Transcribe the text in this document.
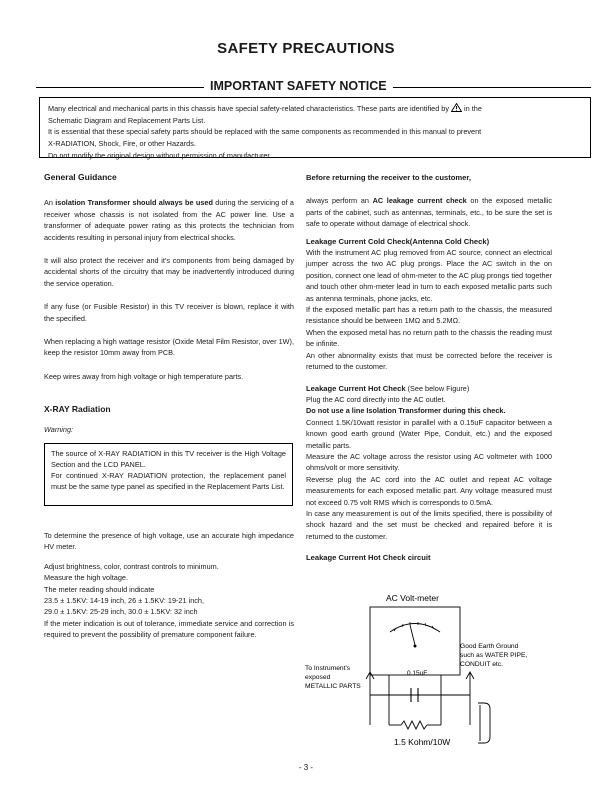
SAFETY PRECAUTIONS
IMPORTANT SAFETY NOTICE

Many electrical and mechanical parts in this chassis have special safety-related characteristics. These parts are identified by in the

Schematic Diagram and Replacement Parts List.

It is essential that these special safety parts should be replaced with the same components as recommended in this manual to prevent

X-RADIATION, Shock, Fire, or other Hazards.

Do not modify the original design without permission of manufacturer.

General Guidance

An isolation Transformer should always be used during the servicing of a receiver whose chassis is not isolated from the AC power line. Use a transformer of adequate power rating as this protects the technician from accidents resulting in personal injury from electrical shocks.

It will also protect the receiver and it's components from being damaged by accidental shorts of the circuitry that may be inadvertently introduced during the service operation.

If any fuse (or Fusible Resistor) in this TV receiver is blown, replace it with the specified.

When replacing a high wattage resistor (Oxide Metal Film Resistor, over 1W), keep the resistor 10mm away from PCB.

Keep wires away from high voltage or high temperature parts.

X-RAY Radiation
Warning:

The source of X-RAY RADIATION in this TV receiver is the High Voltage Section and the LCD PANEL.

For continued X-RAY RADIATION protection, the replacement panel must be the same type panel as specified in the Replacement Parts List.

To determine the presence of high voltage, use an accurate high impedance HV meter.

Adjust brightness, color, contrast controls to minimum.

Measure the high voltage.

The meter reading should indicate

23.5 ± 1.5KV: 14-19 inch, 26 ± 1.5KV: 19-21 inch,

29.0 ± 1.5KV: 25-29 inch, 30.0 ± 1.5KV: 32 inch

If the meter indication is out of tolerance, immediate service and correction is required to prevent the possibility of premature component failure.

Before returning the receiver to the customer,

always perform an AC leakage current check on the exposed metallic parts of the cabinet, such as antennas, terminals, etc., to be sure the set is safe to operate without damage of electrical shock.

Leakage Current Cold Check(Antenna Cold Check)

With the instrument AC plug removed from AC source, connect an electrical jumper across the two AC plug prongs. Place the AC switch in the on position, connect one lead of ohm-meter to the AC plug prongs tied together and touch other ohm-meter lead in turn to each exposed metallic parts such as antenna terminals, phone jacks, etc.

If the exposed metallic part has a return path to the chassis, the measured resistance should be between 1MΩ and 5.2MΩ.

When the exposed metal has no return path to the chassis the reading must be infinite.

An other abnormality exists that must be corrected before the receiver is returned to the customer.

Leakage Current Hot Check (See below Figure)

Plug the AC cord directly into the AC outlet.

Do not use a line Isolation Transformer during this check.

Connect 1.5K/10watt resistor in parallel with a 0.15uF capacitor between a known good earth ground (Water Pipe, Conduit, etc.) and the exposed metallic parts.

Measure the AC voltage across the resistor using AC voltmeter with 1000 ohms/volt or more sensitivity.

Reverse plug the AC cord into the AC outlet and repeat AC voltage measurements for each exposed metallic part. Any voltage measured must not exceed 0.75 volt RMS which is corresponds to 0.5mA.

In case any measurement is out of the limits specified, there is possibility of shock hazard and the set must be checked and repaired before it is returned to the customer.

Leakage Current Hot Check circuit
AC Volt-meter
0.15uF
1.5 Kohm/10W
To Instrument's
exposed
METALLIC PARTS
Good Earth Ground
such as WATER PIPE,
CONDUIT etc.
- 3 -
